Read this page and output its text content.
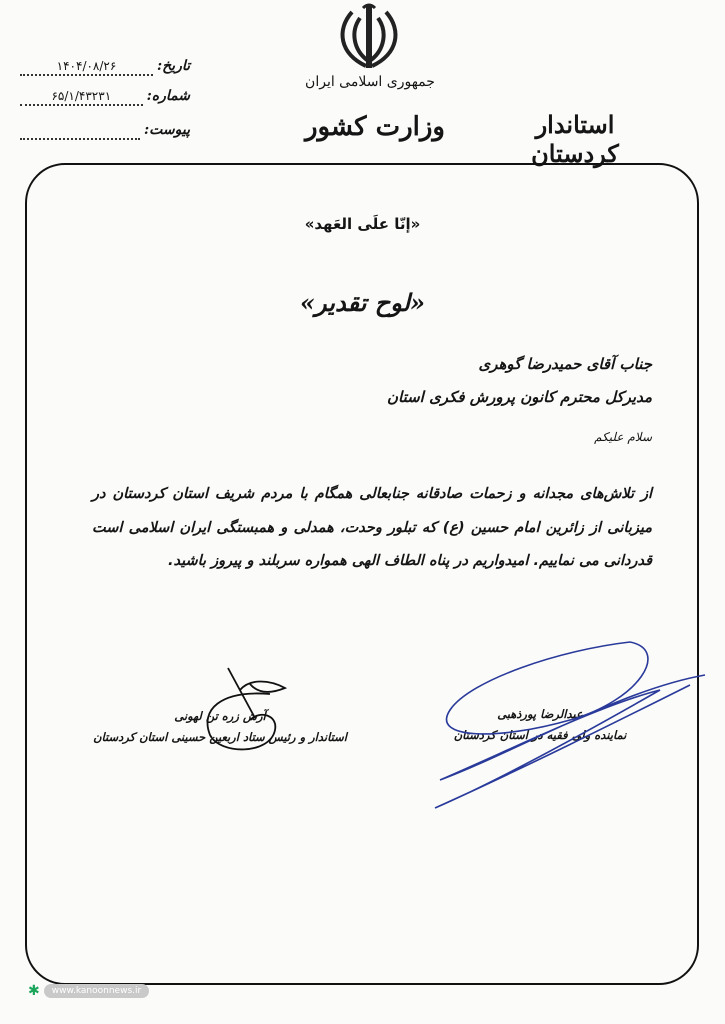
جمهوری اسلامی ایران
وزارت کشور	استاندار کردستان
تاریخ:
۱۴۰۴/۰۸/۲۶
شماره:
۶۵/۱/۴۳۲۳۱
پیوست:

«إنّا علَی العَهد»
«لوح تقدیر»
جناب آقای حمیدرضا گوهری
مدیرکل محترم کانون پرورش فکری استان
سلام علیکم
از تلاش‌های مجدانه و زحمات صادقانه جنابعالی همگام با مردم شریف استان کردستان در میزبانی از زائرین امام حسین (ع) که تبلور وحدت، همدلی و همبستگی ایران اسلامی است قدردانی می نماییم. امیدواریم در پناه الطاف الهی همواره سربلند و پیروز باشید.
آرش زره تن لهونی
استاندار و رئیس ستاد اربعین حسینی استان کردستان
عبدالرضا پورذهبی
نماینده ولی فقیه در استان کردستان
✱	www.kanoonnews.ir
